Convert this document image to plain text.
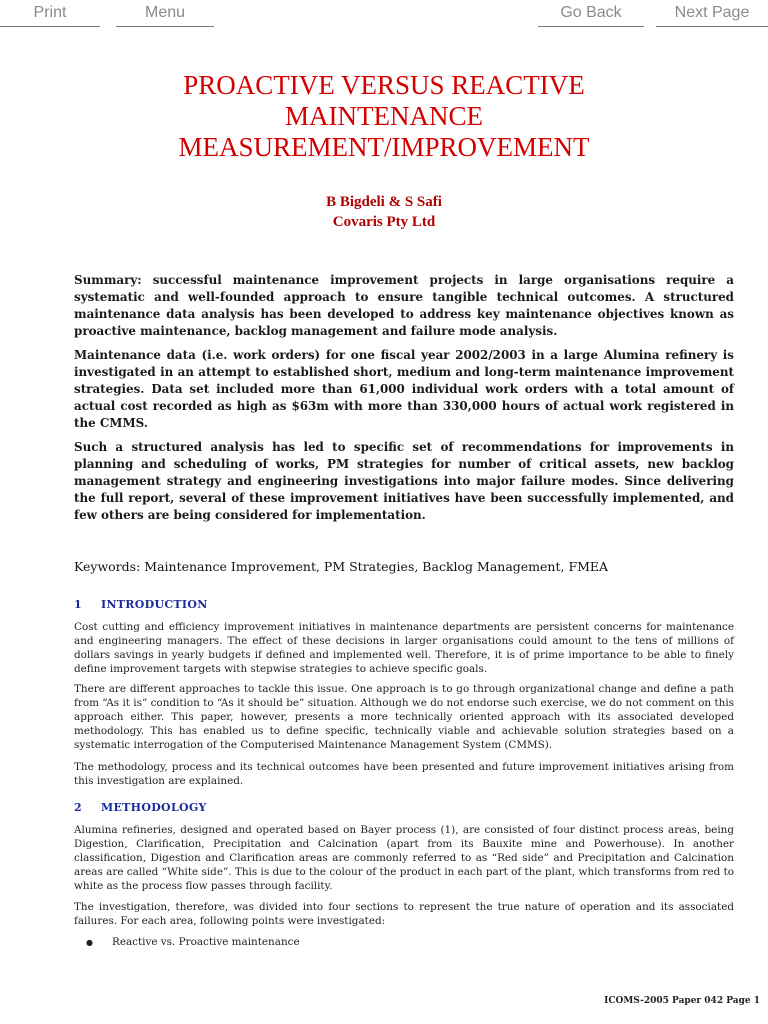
Print	Menu	Go Back	Next Page
PROACTIVE VERSUS REACTIVE
MAINTENANCE
MEASUREMENT/IMPROVEMENT
B Bigdeli & S Safi
Covaris Pty Ltd

Summary: successful maintenance improvement projects in large organisations require a systematic and well-founded approach to ensure tangible technical outcomes. A structured maintenance data analysis has been developed to address key maintenance objectives known as proactive maintenance, backlog management and failure mode analysis.

Maintenance data (i.e. work orders) for one fiscal year 2002/2003 in a large Alumina refinery is investigated in an attempt to established short, medium and long-term maintenance improvement strategies. Data set included more than 61,000 individual work orders with a total amount of actual cost recorded as high as $63m with more than 330,000 hours of actual work registered in the CMMS.

Such a structured analysis has led to specific set of recommendations for improvements in planning and scheduling of works, PM strategies for number of critical assets, new backlog management strategy and engineering investigations into major failure modes. Since delivering the full report, several of these improvement initiatives have been successfully implemented, and few others are being considered for implementation.

Keywords: Maintenance Improvement, PM Strategies, Backlog Management, FMEA
1 INTRODUCTION

Cost cutting and efficiency improvement initiatives in maintenance departments are persistent concerns for maintenance and engineering managers. The effect of these decisions in larger organisations could amount to the tens of millions of dollars savings in yearly budgets if defined and implemented well. Therefore, it is of prime importance to be able to finely define improvement targets with stepwise strategies to achieve specific goals.

There are different approaches to tackle this issue. One approach is to go through organizational change and define a path from “As it is” condition to “As it should be” situation. Although we do not endorse such exercise, we do not comment on this approach either. This paper, however, presents a more technically oriented approach with its associated developed methodology. This has enabled us to define specific, technically viable and achievable solution strategies based on a systematic interrogation of the Computerised Maintenance Management System (CMMS).

The methodology, process and its technical outcomes have been presented and future improvement initiatives arising from this investigation are explained.

2 METHODOLOGY

Alumina refineries, designed and operated based on Bayer process (1), are consisted of four distinct process areas, being Digestion, Clarification, Precipitation and Calcination (apart from its Bauxite mine and Powerhouse). In another classification, Digestion and Clarification areas are commonly referred to as “Red side” and Precipitation and Calcination areas are called “White side”. This is due to the colour of the product in each part of the plant, which transforms from red to white as the process flow passes through facility.

The investigation, therefore, was divided into four sections to represent the true nature of operation and its associated failures. For each area, following points were investigated:

● Reactive vs. Proactive maintenance
ICOMS-2005 Paper 042 Page 1
